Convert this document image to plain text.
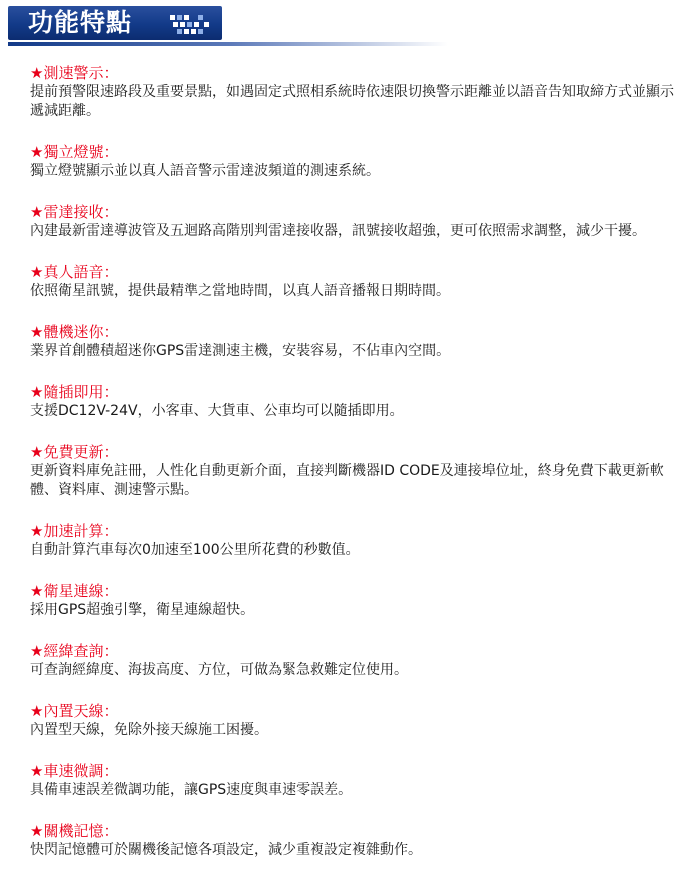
功能特點

★測速警示：

提前預警限速路段及重要景點，如遇固定式照相系統時依速限切換警示距離並以語音告知取締方式並顯示遞減距離。

★獨立燈號：

獨立燈號顯示並以真人語音警示雷達波頻道的測速系統。

★雷達接收：

內建最新雷達導波管及五迴路高階別判雷達接收器，訊號接收超強，更可依照需求調整，減少干擾。

★真人語音：

依照衛星訊號，提供最精準之當地時間，以真人語音播報日期時間。

★體機迷你：

業界首創體積超迷你GPS雷達測速主機，安裝容易，不佔車內空間。

★隨插即用：

支援DC12V-24V，小客車、大貨車、公車均可以隨插即用。

★免費更新：

更新資料庫免註冊，人性化自動更新介面，直接判斷機器ID CODE及連接埠位址，終身免費下載更新軟體、資料庫、測速警示點。

★加速計算：

自動計算汽車每次0加速至100公里所花費的秒數值。

★衛星連線：

採用GPS超強引擎，衛星連線超快。

★經緯查詢：

可查詢經緯度、海拔高度、方位，可做為緊急救難定位使用。

★內置天線：

內置型天線，免除外接天線施工困擾。

★車速微調：

具備車速誤差微調功能，讓GPS速度與車速零誤差。

★關機記憶：

快閃記憶體可於關機後記憶各項設定，減少重複設定複雜動作。
